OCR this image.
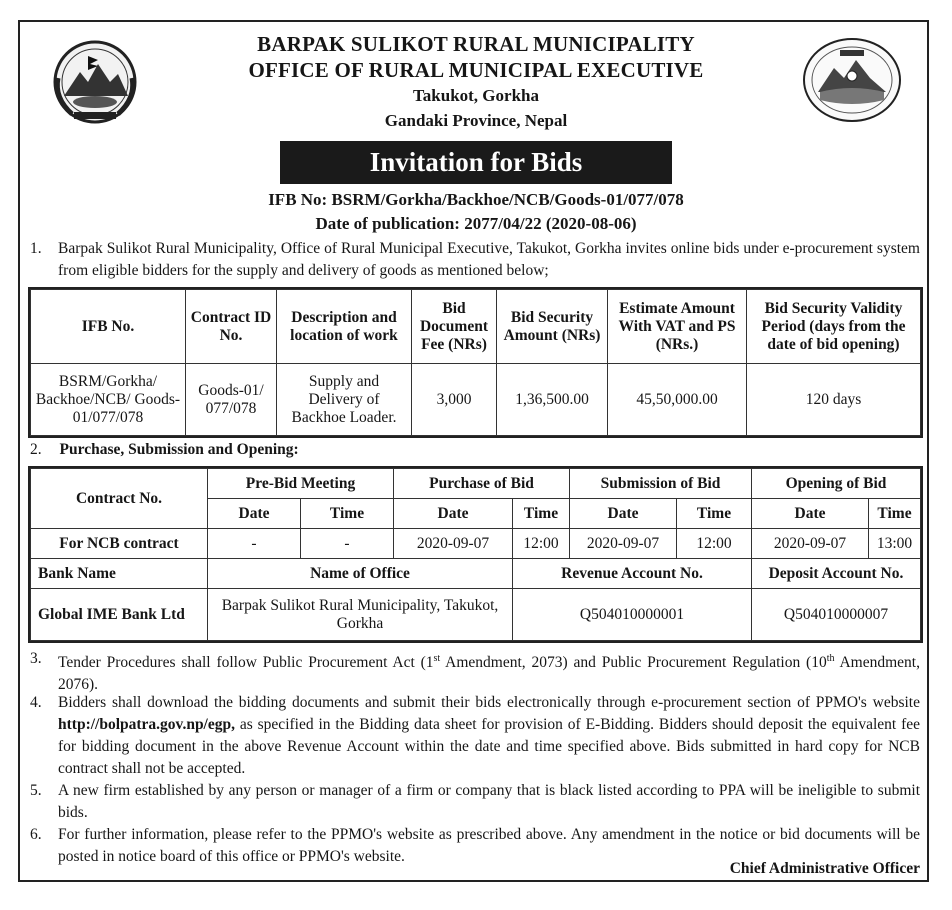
BARPAK SULIKOT RURAL MUNICIPALITY
OFFICE OF RURAL MUNICIPAL EXECUTIVE
Takukot, Gorkha
Gandaki Province, Nepal
Invitation for Bids
IFB No: BSRM/Gorkha/Backhoe/NCB/Goods-01/077/078
Date of publication: 2077/04/22 (2020-08-06)
1. Barpak Sulikot Rural Municipality, Office of Rural Municipal Executive, Takukot, Gorkha invites online bids under e-procurement system from eligible bidders for the supply and delivery of goods as mentioned below;
IFB No.	Contract ID No.	Description and location of work	Bid Document Fee (NRs)	Bid Security Amount (NRs)	Estimate Amount With VAT and PS (NRs.)	Bid Security Validity Period (days from the date of bid opening)
BSRM/Gorkha/ Backhoe/NCB/ Goods-01/077/078	Goods-01/ 077/078	Supply and Delivery of Backhoe Loader.	3,000	1,36,500.00	45,50,000.00	120 days
2. Purchase, Submission and Opening:
Contract No.	Pre-Bid Meeting		Purchase of Bid		Submission of Bid		Opening of Bid	
	Date	Time	Date	Time	Date	Time	Date	Time
For NCB contract	-	-	2020-09-07	12:00	2020-09-07	12:00	2020-09-07	13:00
Bank Name	Name of Office			Revenue Account No.			Deposit Account No.	
Global IME Bank Ltd	Barpak Sulikot Rural Municipality, Takukot, Gorkha			Q504010000001			Q504010000007	
3. Tender Procedures shall follow Public Procurement Act (1st Amendment, 2073) and Public Procurement Regulation (10th Amendment, 2076).
4. Bidders shall download the bidding documents and submit their bids electronically through e-procurement section of PPMO's website http://bolpatra.gov.np/egp, as specified in the Bidding data sheet for provision of E-Bidding. Bidders should deposit the equivalent fee for bidding document in the above Revenue Account within the date and time specified above. Bids submitted in hard copy for NCB contract shall not be accepted.
5. A new firm established by any person or manager of a firm or company that is black listed according to PPA will be ineligible to submit bids.
6. For further information, please refer to the PPMO's website as prescribed above. Any amendment in the notice or bid documents will be posted in notice board of this office or PPMO's website.
Chief Administrative Officer
